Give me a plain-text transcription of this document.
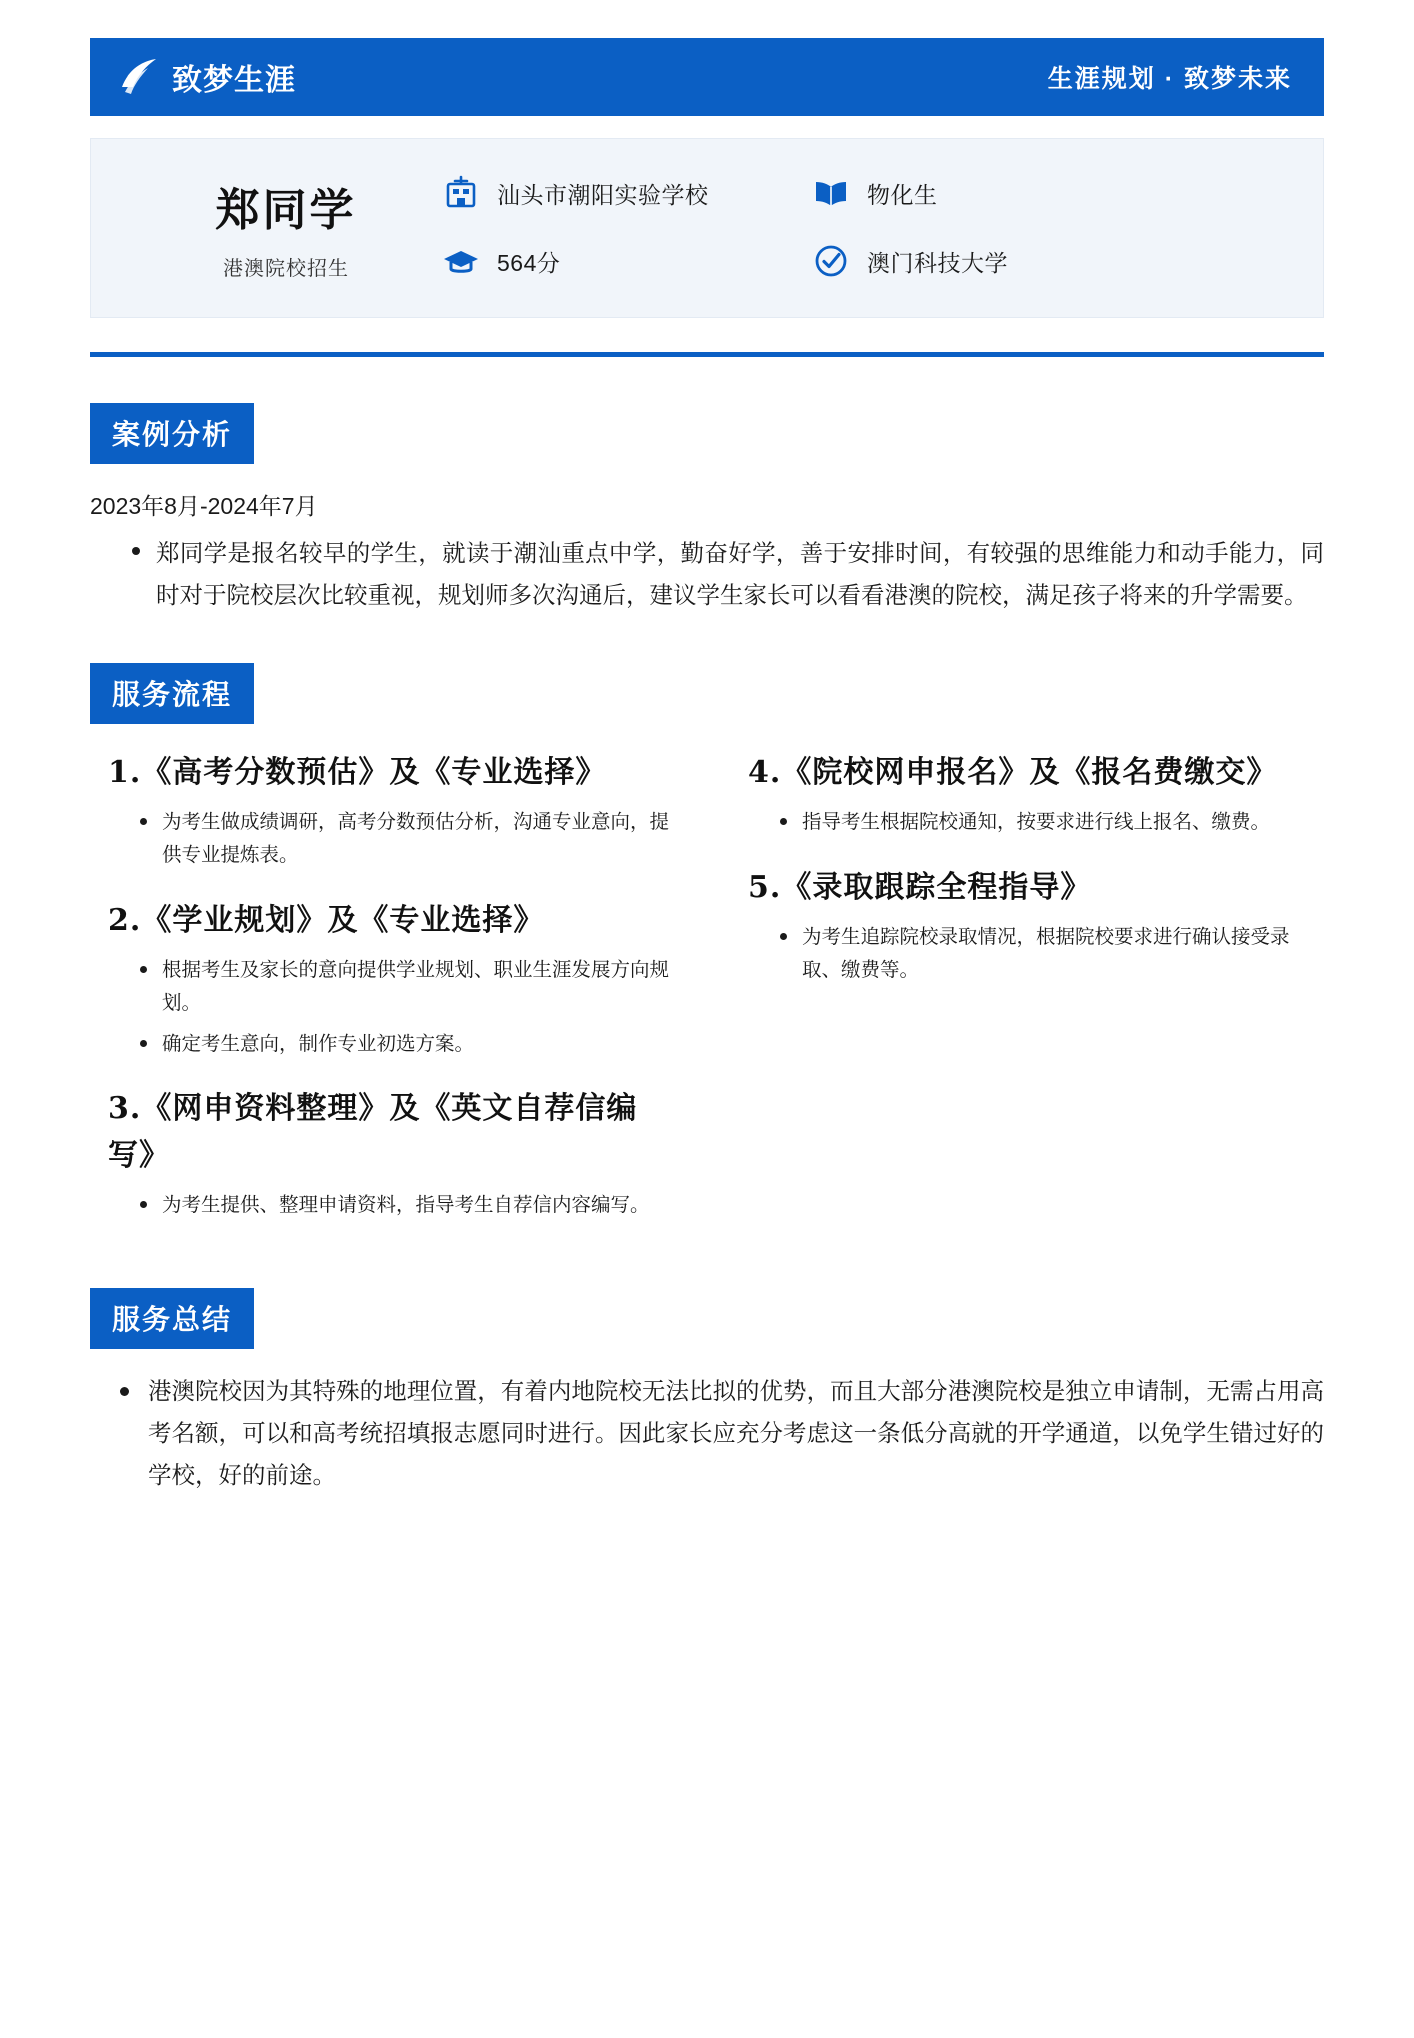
致梦生涯	生涯规划 · 致梦未来
郑同学
港澳院校招生
汕头市潮阳实验学校	物化生
564分	澳门科技大学
案例分析
2023年8月-2024年7月
郑同学是报名较早的学生，就读于潮汕重点中学，勤奋好学，善于安排时间，有较强的思维能力和动手能力，同时对于院校层次比较重视，规划师多次沟通后，建议学生家长可以看看港澳的院校，满足孩子将来的升学需要。
服务流程
1.《高考分数预估》及《专业选择》
为考生做成绩调研，高考分数预估分析，沟通专业意向，提供专业提炼表。
2.《学业规划》及《专业选择》
根据考生及家长的意向提供学业规划、职业生涯发展方向规划。
确定考生意向，制作专业初选方案。
3.《网申资料整理》及《英文自荐信编写》
为考生提供、整理申请资料，指导考生自荐信内容编写。
4.《院校网申报名》及《报名费缴交》
指导考生根据院校通知，按要求进行线上报名、缴费。
5.《录取跟踪全程指导》
为考生追踪院校录取情况，根据院校要求进行确认接受录取、缴费等。
服务总结
港澳院校因为其特殊的地理位置，有着内地院校无法比拟的优势，而且大部分港澳院校是独立申请制，无需占用高考名额，可以和高考统招填报志愿同时进行。因此家长应充分考虑这一条低分高就的开学通道，以免学生错过好的学校，好的前途。
